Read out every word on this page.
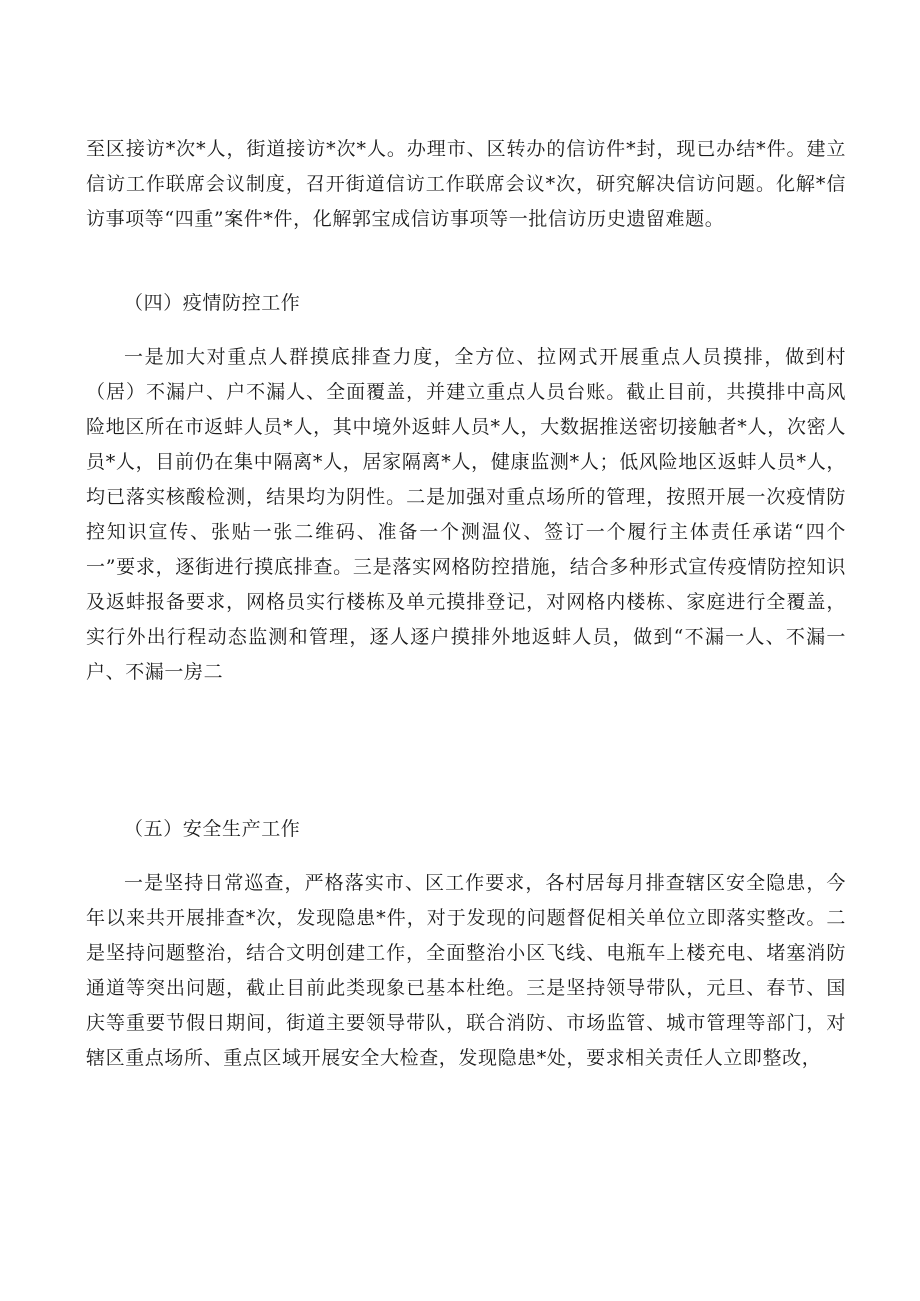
至区接访*次*人，街道接访*次*人。办理市、区转办的信访件*封，现已办结*件。建立信访工作联席会议制度，召开街道信访工作联席会议*次，研究解决信访问题。化解*信访事项等“四重”案件*件，化解郭宝成信访事项等一批信访历史遗留难题。

（四）疫情防控工作

一是加大对重点人群摸底排查力度，全方位、拉网式开展重点人员摸排，做到村（居）不漏户、户不漏人、全面覆盖，并建立重点人员台账。截止目前，共摸排中高风险地区所在市返蚌人员*人，其中境外返蚌人员*人，大数据推送密切接触者*人，次密人员*人，目前仍在集中隔离*人，居家隔离*人，健康监测*人；低风险地区返蚌人员*人，均已落实核酸检测，结果均为阴性。二是加强对重点场所的管理，按照开展一次疫情防控知识宣传、张贴一张二维码、准备一个测温仪、签订一个履行主体责任承诺“四个一”要求，逐街进行摸底排查。三是落实网格防控措施，结合多种形式宣传疫情防控知识及返蚌报备要求，网格员实行楼栋及单元摸排登记，对网格内楼栋、家庭进行全覆盖，实行外出行程动态监测和管理，逐人逐户摸排外地返蚌人员，做到“不漏一人、不漏一户、不漏一房二

（五）安全生产工作

一是坚持日常巡查，严格落实市、区工作要求，各村居每月排查辖区安全隐患，今年以来共开展排查*次，发现隐患*件，对于发现的问题督促相关单位立即落实整改。二是坚持问题整治，结合文明创建工作，全面整治小区飞线、电瓶车上楼充电、堵塞消防通道等突出问题，截止目前此类现象已基本杜绝。三是坚持领导带队，元旦、春节、国庆等重要节假日期间，街道主要领导带队，联合消防、市场监管、城市管理等部门，对辖区重点场所、重点区域开展安全大检查，发现隐患*处，要求相关责任人立即整改，
